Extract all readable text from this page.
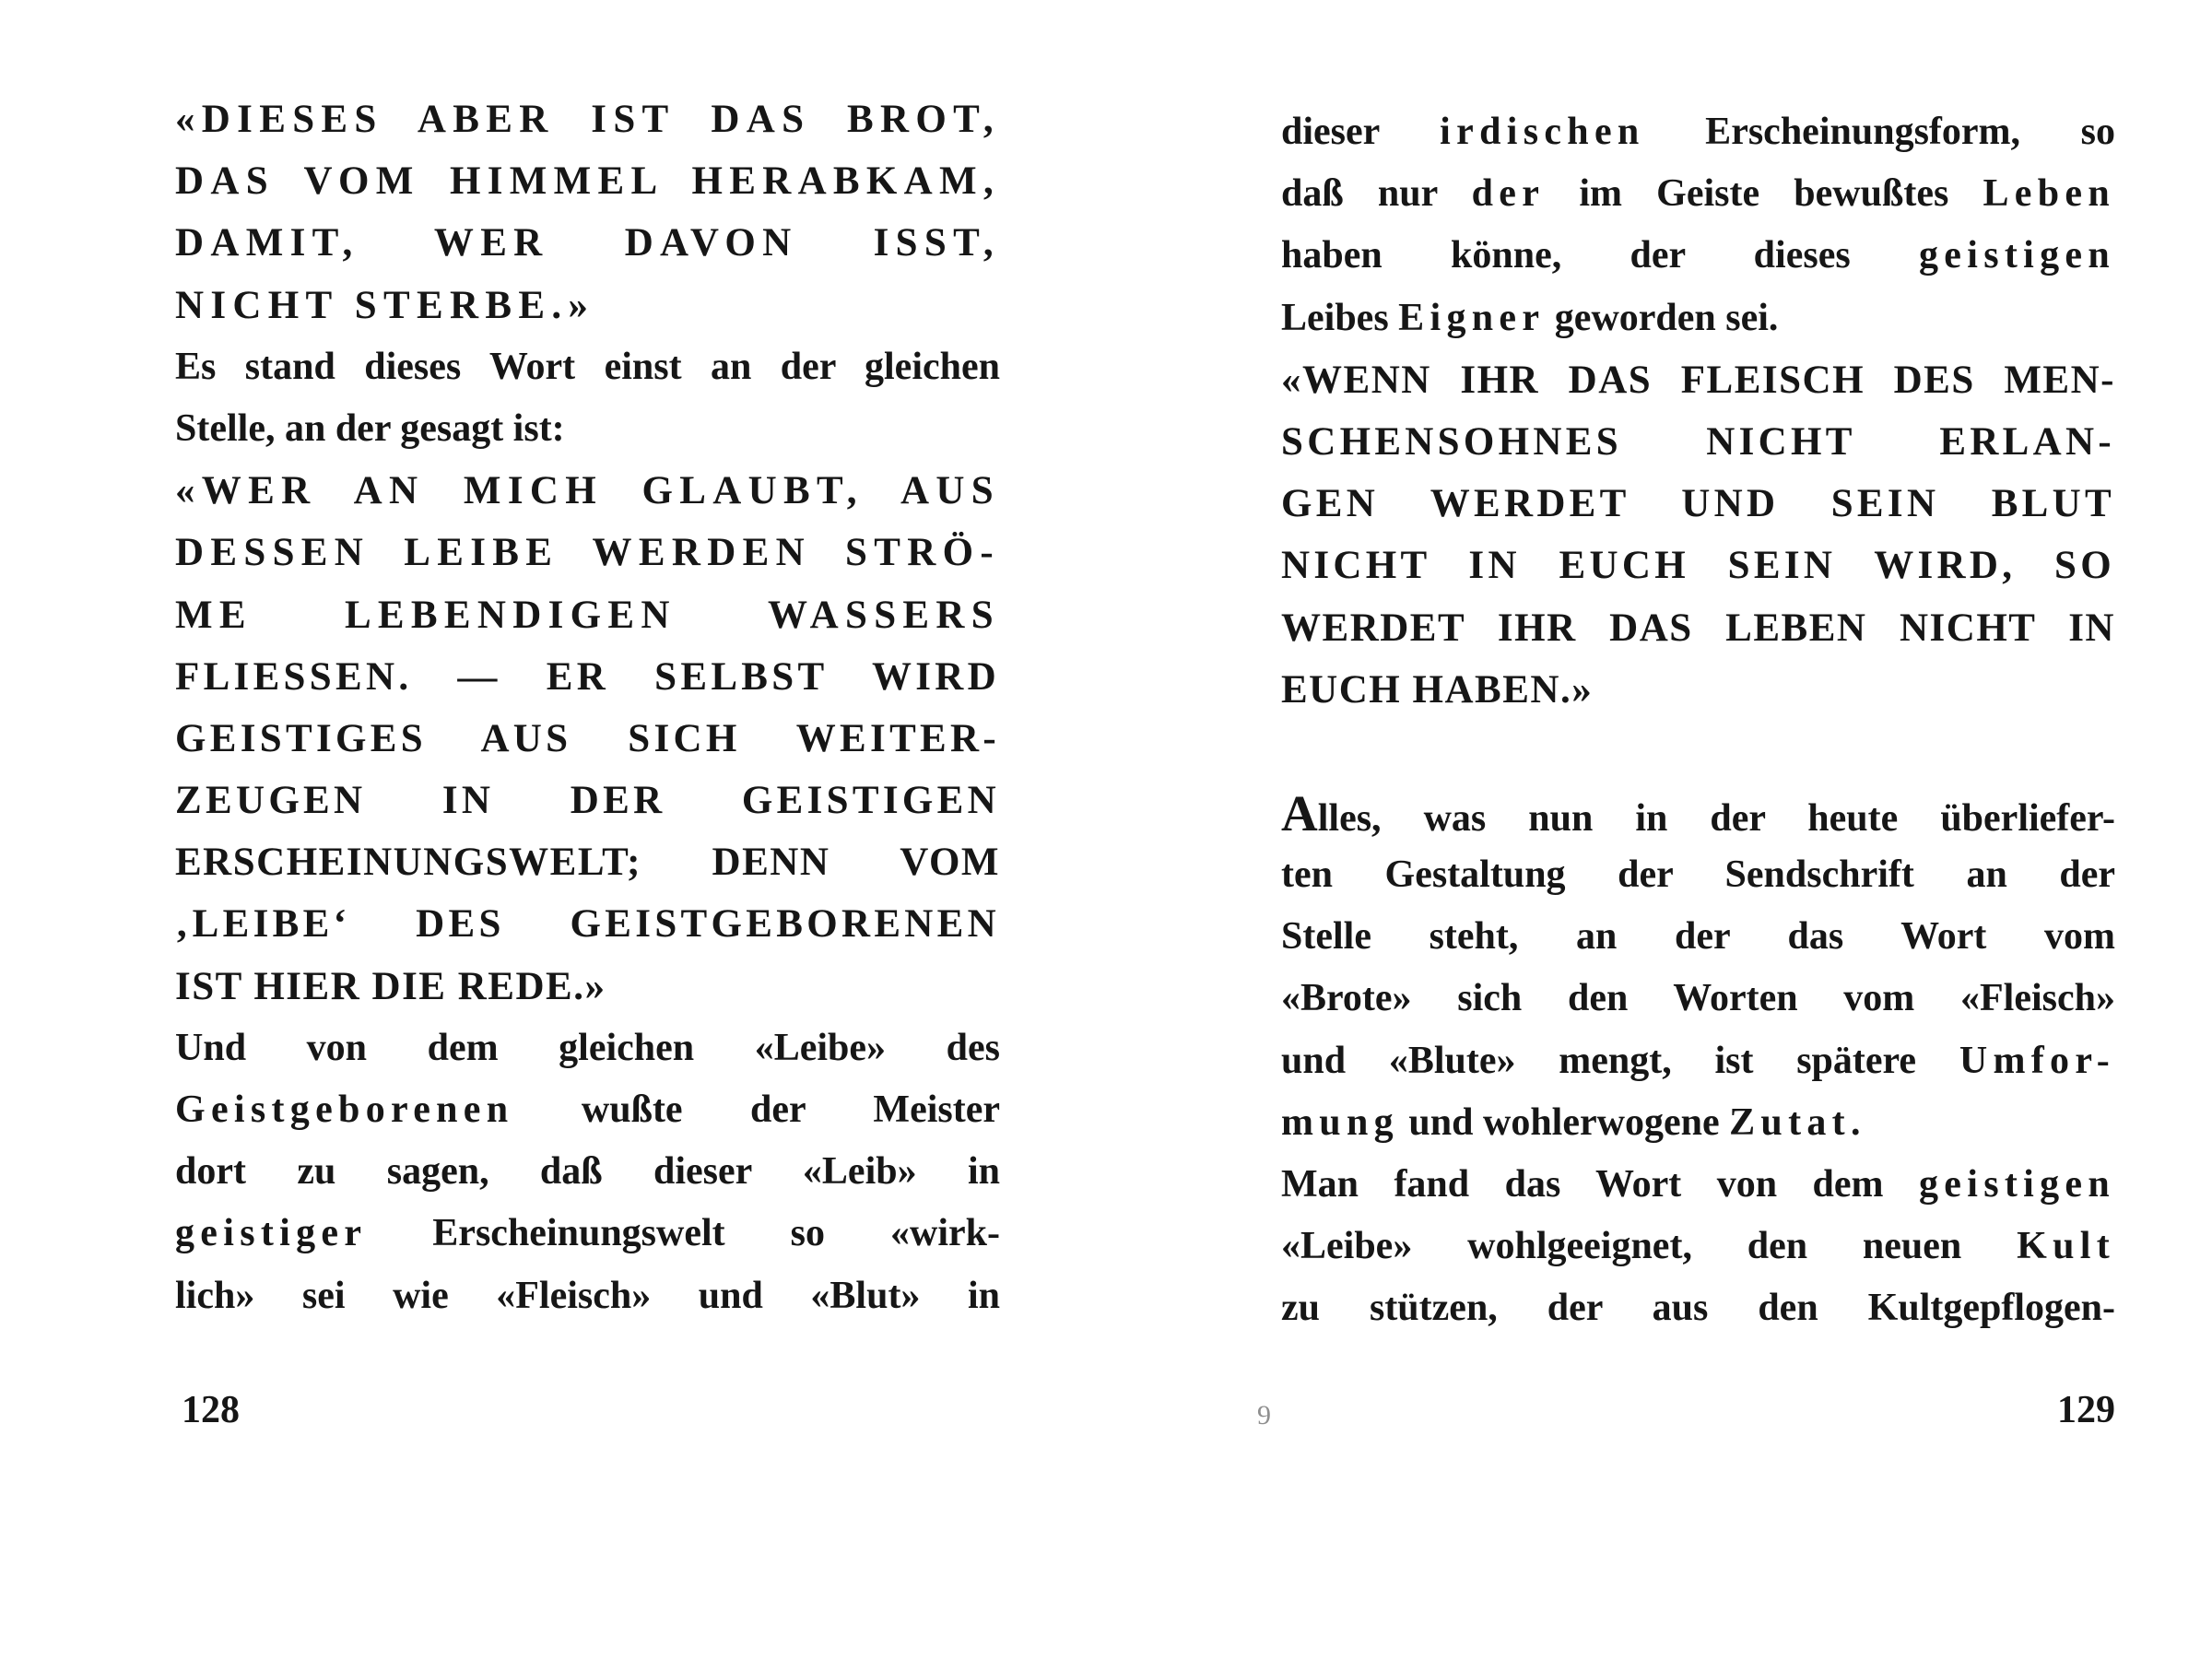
«DIESES ABER IST DAS BROT,
DAS VOM HIMMEL HERABKAM,
DAMIT, WER DAVON ISST,
NICHT STERBE.»
Es stand dieses Wort einst an der gleichen
Stelle, an der gesagt ist:
«WER AN MICH GLAUBT, AUS
DESSEN LEIBE WERDEN STRÖ-
ME LEBENDIGEN WASSERS
FLIESSEN. — ER SELBST WIRD
GEISTIGES AUS SICH WEITER-
ZEUGEN IN DER GEISTIGEN
ERSCHEINUNGSWELT; DENN VOM
‚LEIBE‘ DES GEISTGEBORENEN
IST HIER DIE REDE.»
Und von dem gleichen «Leibe» des
Geistgeborenen wußte der Meister
dort zu sagen, daß dieser «Leib» in
geistiger Erscheinungswelt so «wirk-
lich» sei wie «Fleisch» und «Blut» in
dieser irdischen Erscheinungsform, so
daß nur der im Geiste bewußtes Leben
haben könne, der dieses geistigen
Leibes Eigner geworden sei.
«WENN IHR DAS FLEISCH DES MEN-
SCHENSOHNES NICHT ERLAN-
GEN WERDET UND SEIN BLUT
NICHT IN EUCH SEIN WIRD, SO
WERDET IHR DAS LEBEN NICHT IN
EUCH HABEN.»
Alles, was nun in der heute überliefer-
ten Gestaltung der Sendschrift an der
Stelle steht, an der das Wort vom
«Brote» sich den Worten vom «Fleisch»
und «Blute» mengt, ist spätere Umfor-
mung und wohlerwogene Zutat.
Man fand das Wort von dem geistigen
«Leibe» wohlgeeignet, den neuen Kult
zu stützen, der aus den Kultgepflogen-
128	9	129
